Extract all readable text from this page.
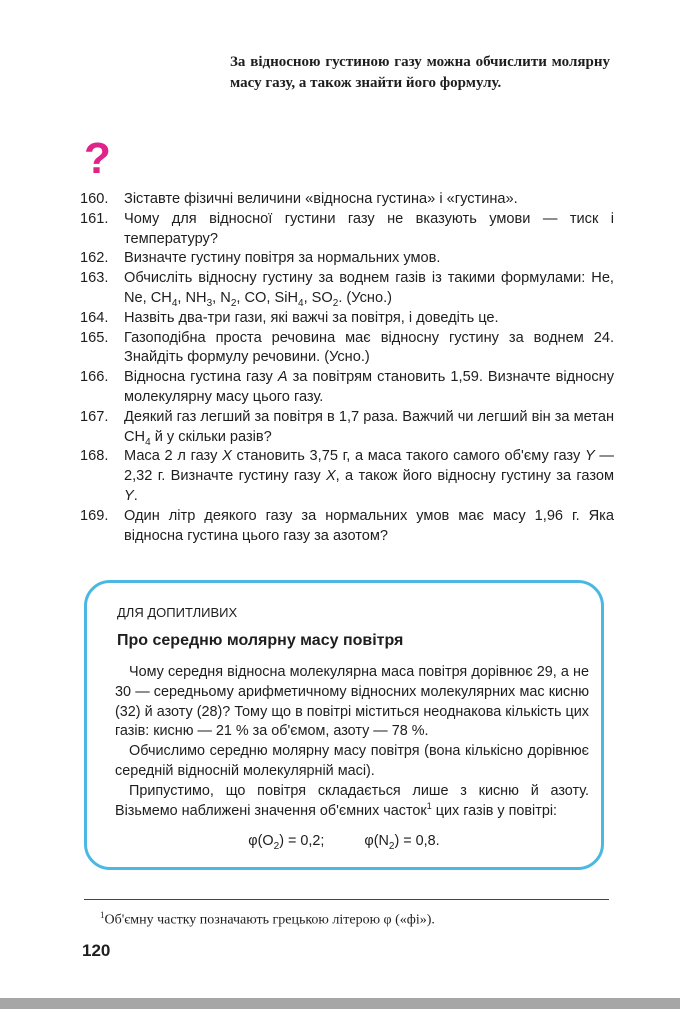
За відносною густиною газу можна обчислити молярну масу газу, а також знайти його формулу.

?
160.	Зіставте фізичні величини «відносна густина» і «густина».
161.	Чому для відносної густини газу не вказують умови — тиск і температуру?
162.	Визначте густину повітря за нормальних умов.
163.	Обчисліть відносну густину за воднем газів із такими формулами: He, Ne, $CH_4$, $NH_3$, $N_2$, CO, SiH$_4$, $SO_2$. (Усно.)
164.	Назвіть два-три гази, які важчі за повітря, і доведіть це.
165.	Газоподібна проста речовина має відносну густину за воднем 24. Знайдіть формулу речовини. (Усно.)
166.	Відносна густина газу A за повітрям становить 1,59. Визначте відносну молекулярну масу цього газу.
167.	Деякий газ легший за повітря в 1,7 раза. Важчий чи легший він за метан $CH_4$ й у скільки разів?
168.	Маса 2 л газу X становить 3,75 г, а маса такого самого об'єму газу Y — 2,32 г. Визначте густину газу X, а також його відносну густину за газом Y.
169.	Один літр деякого газу за нормальних умов має масу 1,96 г. Яка відносна густина цього газу за азотом?
ДЛЯ ДОПИТЛИВИХ
Про середню молярну масу повітря

Чому середня відносна молекулярна маса повітря дорівнює 29, а не 30 — середньому арифметичному відносних молекулярних мас кисню (32) й азоту (28)? Тому що в повітрі міститься неоднакова кількість цих газів: кисню — 21 % за об'ємом, азоту — 78 %.

Обчислимо середню молярну масу повітря (вона кількісно дорівнює середній відносній молекулярній масі).

Припустимо, що повітря складається лише з кисню й азоту. Візьмемо наближені значення об'ємних часток$^1$ цих газів у повітрі:

$\varphi(O_2) = 0,2$;	$\varphi(N_2) = 0,8$.
$^1$Об'ємну частку позначають грецькою літерою φ («фі»).
120
